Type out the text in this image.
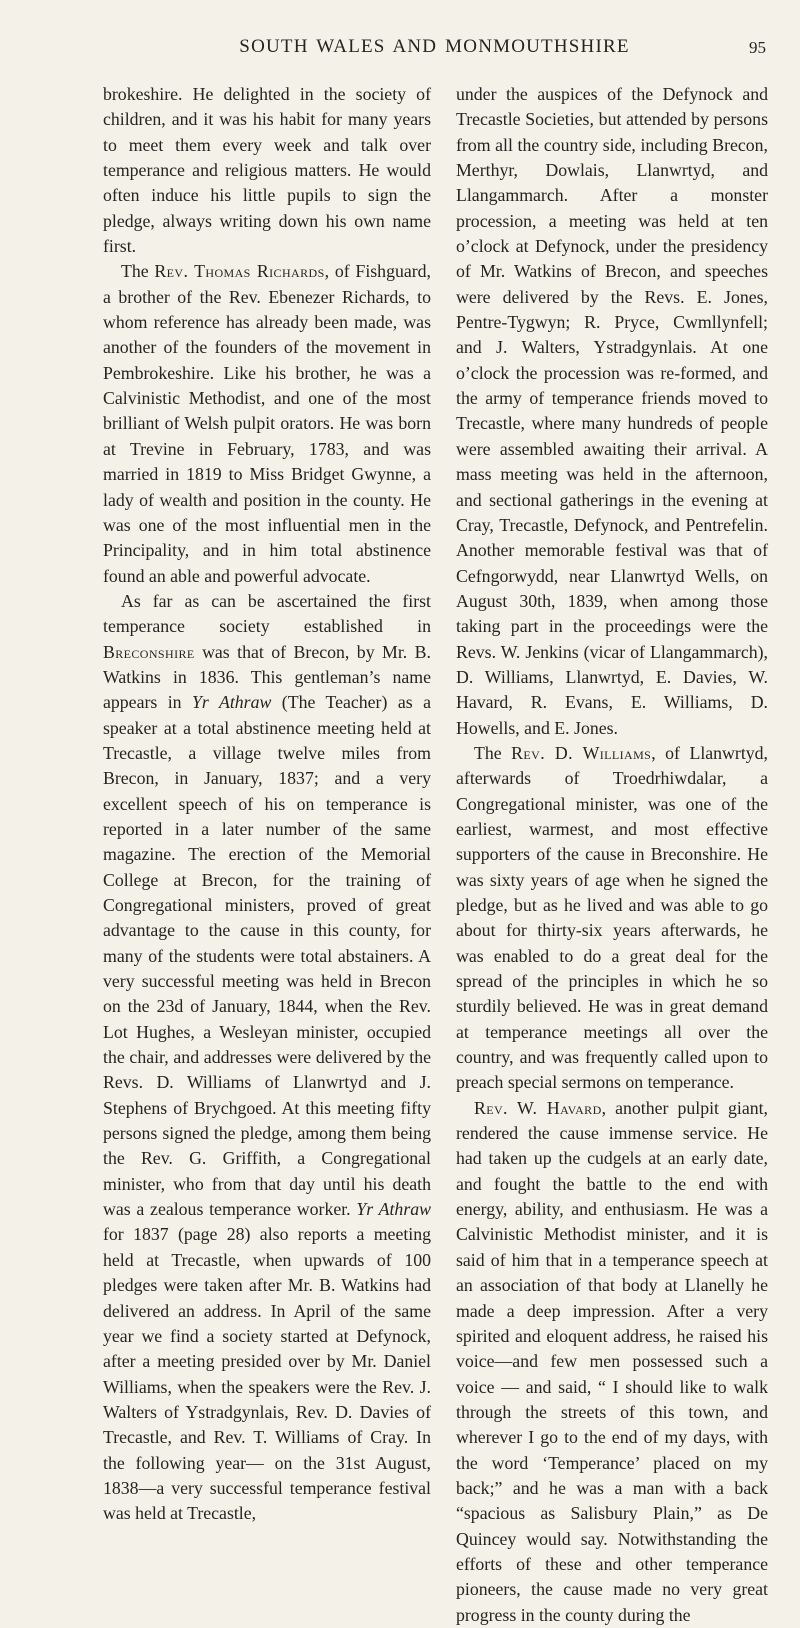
SOUTH WALES AND MONMOUTHSHIRE	95

brokeshire. He delighted in the society of children, and it was his habit for many years to meet them every week and talk over temperance and religious matters. He would often induce his little pupils to sign the pledge, always writing down his own name first.

The Rev. Thomas Richards, of Fishguard, a brother of the Rev. Ebenezer Richards, to whom reference has already been made, was another of the founders of the movement in Pembrokeshire. Like his brother, he was a Calvinistic Methodist, and one of the most brilliant of Welsh pulpit orators. He was born at Trevine in February, 1783, and was married in 1819 to Miss Bridget Gwynne, a lady of wealth and position in the county. He was one of the most influential men in the Principality, and in him total abstinence found an able and powerful advocate.

As far as can be ascertained the first temperance society established in Breconshire was that of Brecon, by Mr. B. Watkins in 1836. This gentleman’s name appears in Yr Athraw (The Teacher) as a speaker at a total abstinence meeting held at Trecastle, a village twelve miles from Brecon, in January, 1837; and a very excellent speech of his on temperance is reported in a later number of the same magazine. The erection of the Memorial College at Brecon, for the training of Congregational ministers, proved of great advantage to the cause in this county, for many of the students were total abstainers. A very successful meeting was held in Brecon on the 23d of January, 1844, when the Rev. Lot Hughes, a Wesleyan minister, occupied the chair, and addresses were delivered by the Revs. D. Williams of Llanwrtyd and J. Stephens of Brychgoed. At this meeting fifty persons signed the pledge, among them being the Rev. G. Griffith, a Congregational minister, who from that day until his death was a zealous temperance worker. Yr Athraw for 1837 (page 28) also reports a meeting held at Trecastle, when upwards of 100 pledges were taken after Mr. B. Watkins had delivered an address. In April of the same year we find a society started at Defynock, after a meeting presided over by Mr. Daniel Williams, when the speakers were the Rev. J. Walters of Ystradgynlais, Rev. D. Davies of Trecastle, and Rev. T. Williams of Cray. In the following year— on the 31st August, 1838—a very successful temperance festival was held at Trecastle,

under the auspices of the Defynock and Trecastle Societies, but attended by persons from all the country side, including Brecon, Merthyr, Dowlais, Llanwrtyd, and Llangammarch. After a monster procession, a meeting was held at ten o’clock at Defynock, under the presidency of Mr. Watkins of Brecon, and speeches were delivered by the Revs. E. Jones, Pentre-Tygwyn; R. Pryce, Cwmllynfell; and J. Walters, Ystradgynlais. At one o’clock the procession was re-formed, and the army of temperance friends moved to Trecastle, where many hundreds of people were assembled awaiting their arrival. A mass meeting was held in the afternoon, and sectional gatherings in the evening at Cray, Trecastle, Defynock, and Pentrefelin. Another memorable festival was that of Cefngorwydd, near Llanwrtyd Wells, on August 30th, 1839, when among those taking part in the proceedings were the Revs. W. Jenkins (vicar of Llangammarch), D. Williams, Llanwrtyd, E. Davies, W. Havard, R. Evans, E. Williams, D. Howells, and E. Jones.

The Rev. D. Williams, of Llanwrtyd, afterwards of Troedrhiwdalar, a Congregational minister, was one of the earliest, warmest, and most effective supporters of the cause in Breconshire. He was sixty years of age when he signed the pledge, but as he lived and was able to go about for thirty-six years afterwards, he was enabled to do a great deal for the spread of the principles in which he so sturdily believed. He was in great demand at temperance meetings all over the country, and was frequently called upon to preach special sermons on temperance.

Rev. W. Havard, another pulpit giant, rendered the cause immense service. He had taken up the cudgels at an early date, and fought the battle to the end with energy, ability, and enthusiasm. He was a Calvinistic Methodist minister, and it is said of him that in a temperance speech at an association of that body at Llanelly he made a deep impression. After a very spirited and eloquent address, he raised his voice—and few men possessed such a voice — and said, “ I should like to walk through the streets of this town, and wherever I go to the end of my days, with the word ‘Temperance’ placed on my back;” and he was a man with a back “spacious as Salisbury Plain,” as De Quincey would say. Notwithstanding the efforts of these and other temperance pioneers, the cause made no very great progress in the county during the
